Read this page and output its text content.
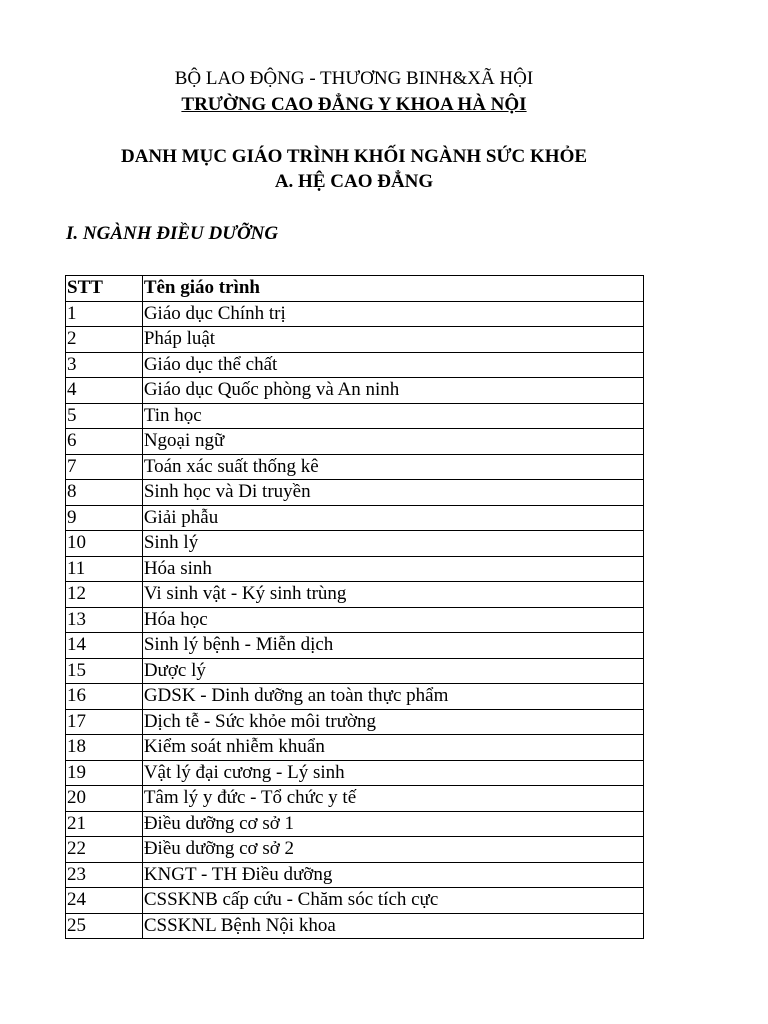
BỘ LAO ĐỘNG - THƯƠNG BINH&XÃ HỘI
TRƯỜNG CAO ĐẲNG Y KHOA HÀ NỘI
DANH MỤC GIÁO TRÌNH KHỐI NGÀNH SỨC KHỎE
A. HỆ CAO ĐẲNG
I. NGÀNH ĐIỀU DƯỠNG
STT	Tên giáo trình
1	Giáo dục Chính trị
2	Pháp luật
3	Giáo dục thể chất
4	Giáo dục Quốc phòng và An ninh
5	Tin học
6	Ngoại ngữ
7	Toán xác suất thống kê
8	Sinh học và Di truyền
9	Giải phẫu
10	Sinh lý
11	Hóa sinh
12	Vi sinh vật - Ký sinh trùng
13	Hóa học
14	Sinh lý bệnh - Miễn dịch
15	Dược lý
16	GDSK - Dinh dưỡng an toàn thực phẩm
17	Dịch tễ - Sức khỏe môi trường
18	Kiểm soát nhiễm khuẩn
19	Vật lý đại cương - Lý sinh
20	Tâm lý y đức - Tổ chức y tế
21	Điều dưỡng cơ sở 1
22	Điều dưỡng cơ sở 2
23	KNGT - TH Điều dưỡng
24	CSSKNB cấp cứu - Chăm sóc tích cực
25	CSSKNL Bệnh Nội khoa
